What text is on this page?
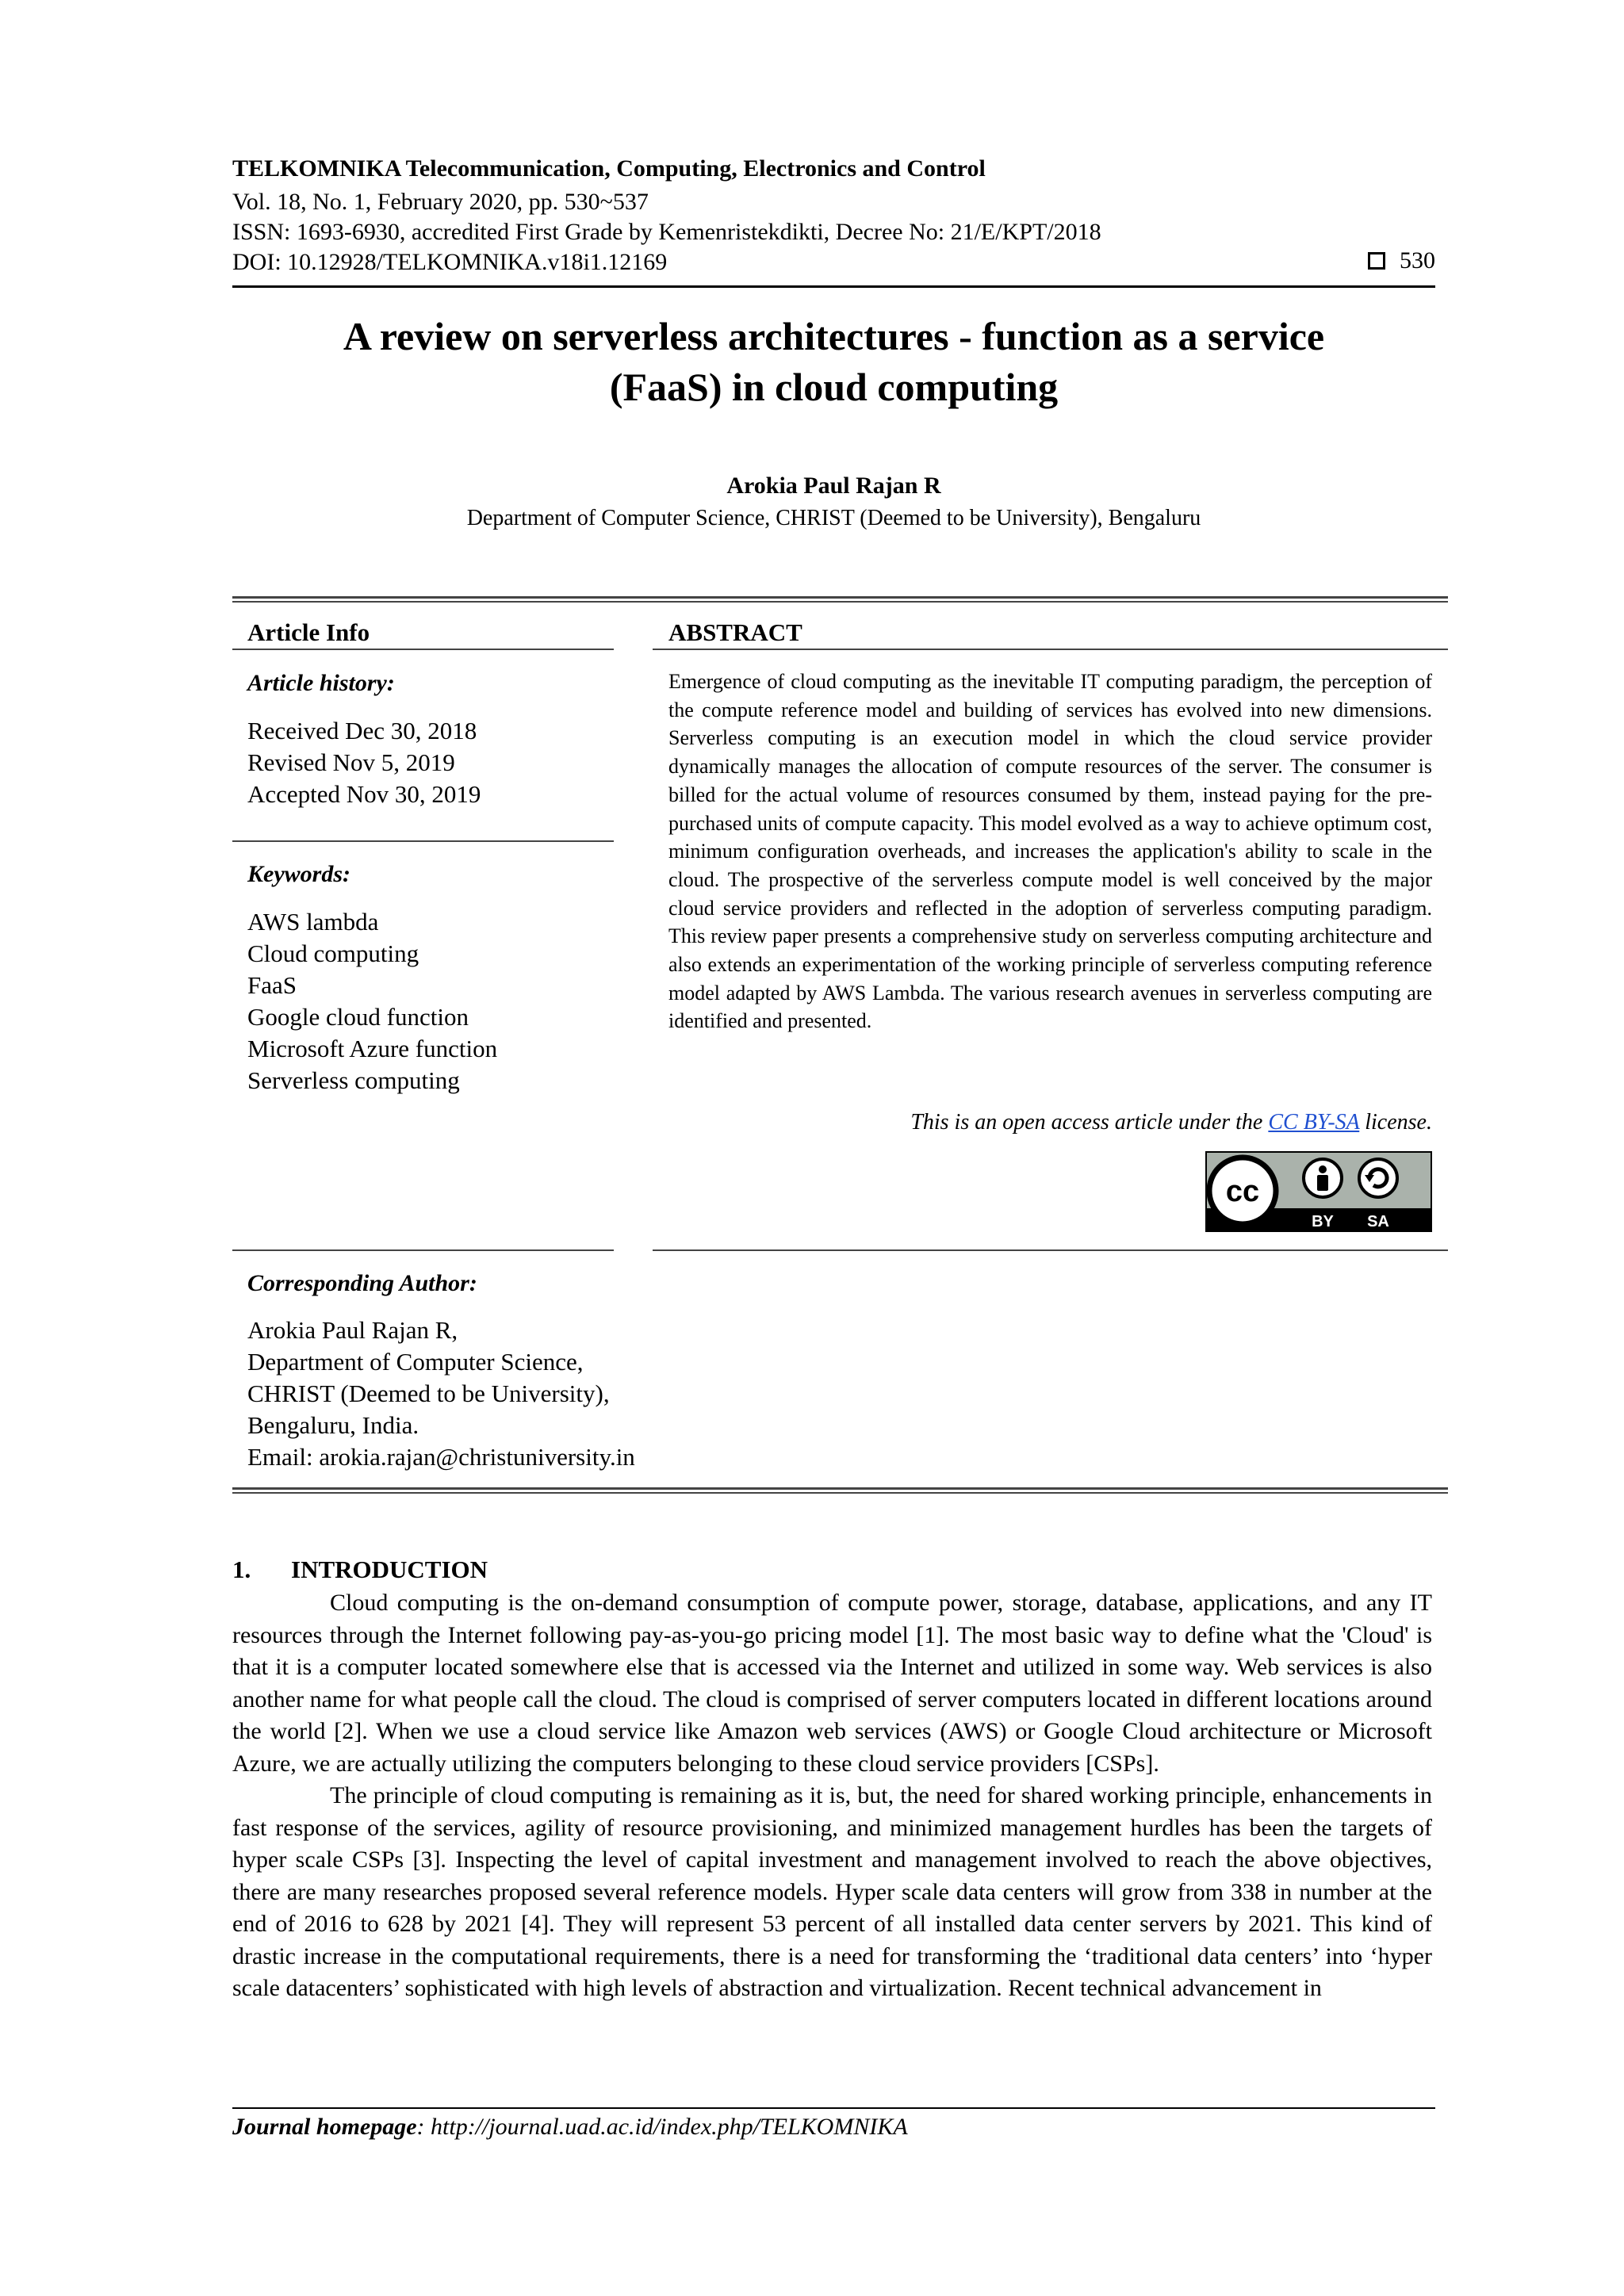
TELKOMNIKA Telecommunication, Computing, Electronics and Control
Vol. 18, No. 1, February 2020, pp. 530~537
ISSN: 1693-6930, accredited First Grade by Kemenristekdikti, Decree No: 21/E/KPT/2018
DOI: 10.12928/TELKOMNIKA.v18i1.12169	530
A review on serverless architectures - function as a service
(FaaS) in cloud computing
Arokia Paul Rajan R
Department of Computer Science, CHRIST (Deemed to be University), Bengaluru
Article Info
Article history:
Received Dec 30, 2018
Revised Nov 5, 2019
Accepted Nov 30, 2019
Keywords:
AWS lambda
Cloud computing
FaaS
Google cloud function
Microsoft Azure function
Serverless computing
ABSTRACT
Emergence of cloud computing as the inevitable IT computing paradigm, the perception of the compute reference model and building of services has evolved into new dimensions. Serverless computing is an execution model in which the cloud service provider dynamically manages the allocation of compute resources of the server. The consumer is billed for the actual volume of resources consumed by them, instead paying for the pre-purchased units of compute capacity. This model evolved as a way to achieve optimum cost, minimum configuration overheads, and increases the application's ability to scale in the cloud. The prospective of the serverless compute model is well conceived by the major cloud service providers and reflected in the adoption of serverless computing paradigm. This review paper presents a comprehensive study on serverless computing architecture and also extends an experimentation of the working principle of serverless computing reference model adapted by AWS Lambda. The various research avenues in serverless computing are identified and presented.
This is an open access article under the CC BY-SA license.
cc
BY SA
Corresponding Author:
Arokia Paul Rajan R,
Department of Computer Science,
CHRIST (Deemed to be University),
Bengaluru, India.
Email: arokia.rajan@christuniversity.in
1. INTRODUCTION

Cloud computing is the on-demand consumption of compute power, storage, database, applications, and any IT resources through the Internet following pay-as-you-go pricing model [1]. The most basic way to define what the 'Cloud' is that it is a computer located somewhere else that is accessed via the Internet and utilized in some way. Web services is also another name for what people call the cloud. The cloud is comprised of server computers located in different locations around the world [2]. When we use a cloud service like Amazon web services (AWS) or Google Cloud architecture or Microsoft Azure, we are actually utilizing the computers belonging to these cloud service providers [CSPs].

The principle of cloud computing is remaining as it is, but, the need for shared working principle, enhancements in fast response of the services, agility of resource provisioning, and minimized management hurdles has been the targets of hyper scale CSPs [3]. Inspecting the level of capital investment and management involved to reach the above objectives, there are many researches proposed several reference models. Hyper scale data centers will grow from 338 in number at the end of 2016 to 628 by 2021 [4]. They will represent 53 percent of all installed data center servers by 2021. This kind of drastic increase in the computational requirements, there is a need for transforming the ‘traditional data centers’ into ‘hyper scale datacenters’ sophisticated with high levels of abstraction and virtualization. Recent technical advancement in

Journal homepage: http://journal.uad.ac.id/index.php/TELKOMNIKA
